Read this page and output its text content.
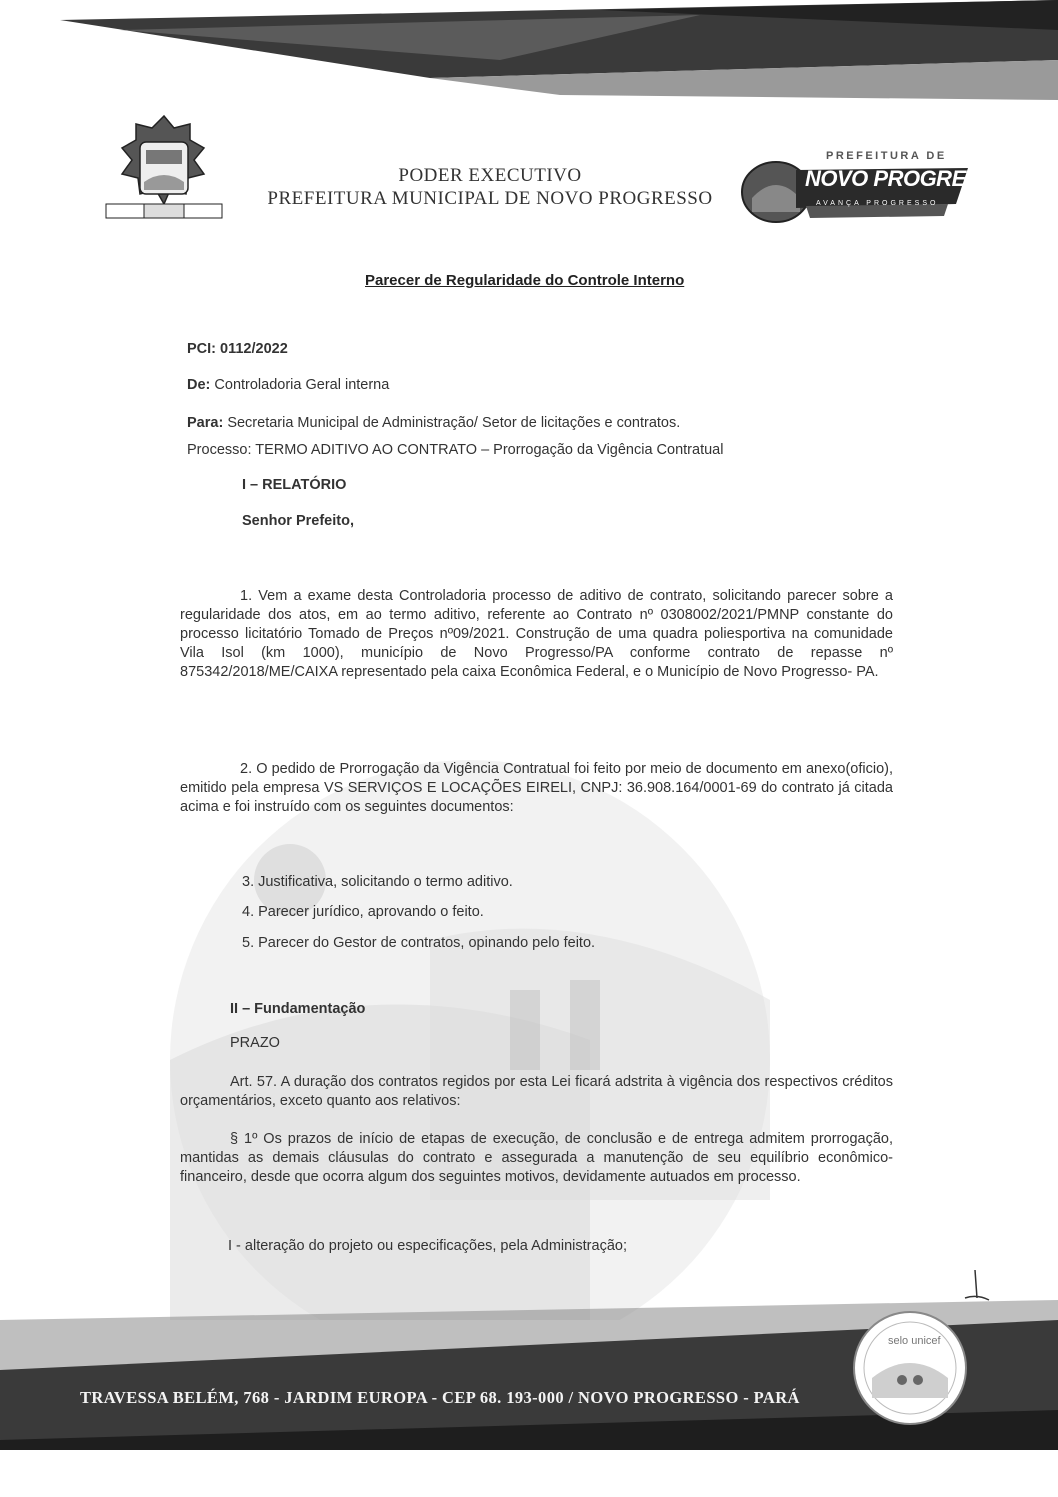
PODER EXECUTIVO
PREFEITURA MUNICIPAL DE NOVO PROGRESSO
PREFEITURA DE
NOVO PROGRESSO
AVANÇA PROGRESSO
Parecer de Regularidade do Controle Interno
PCI: 0112/2022
De: Controladoria Geral interna
Para: Secretaria Municipal de Administração/ Setor de licitações e contratos.
Processo: TERMO ADITIVO AO CONTRATO – Prorrogação da Vigência Contratual
I – RELATÓRIO
Senhor Prefeito,
1. Vem a exame desta Controladoria processo de aditivo de contrato, solicitando parecer sobre a regularidade dos atos, em ao termo aditivo, referente ao Contrato nº 0308002/2021/PMNP constante do processo licitatório Tomado de Preços nº09/2021. Construção de uma quadra poliesportiva na comunidade Vila Isol (km 1000), município de Novo Progresso/PA conforme contrato de repasse nº 875342/2018/ME/CAIXA representado pela caixa Econômica Federal, e o Município de Novo Progresso- PA.
2. O pedido de Prorrogação da Vigência Contratual foi feito por meio de documento em anexo(oficio), emitido pela empresa VS SERVIÇOS E LOCAÇÕES EIRELI, CNPJ: 36.908.164/0001-69 do contrato já citada acima e foi instruído com os seguintes documentos:
3. Justificativa, solicitando o termo aditivo.
4. Parecer jurídico, aprovando o feito.
5. Parecer do Gestor de contratos, opinando pelo feito.
II – Fundamentação
PRAZO
Art. 57. A duração dos contratos regidos por esta Lei ficará adstrita à vigência dos respectivos créditos orçamentários, exceto quanto aos relativos:
§ 1º Os prazos de início de etapas de execução, de conclusão e de entrega admitem prorrogação, mantidas as demais cláusulas do contrato e assegurada a manutenção de seu equilíbrio econômico-financeiro, desde que ocorra algum dos seguintes motivos, devidamente autuados em processo.
I - alteração do projeto ou especificações, pela Administração;
TRAVESSA BELÉM, 768 - JARDIM EUROPA - CEP 68. 193-000 / NOVO PROGRESSO - PARÁ
selo unicef
